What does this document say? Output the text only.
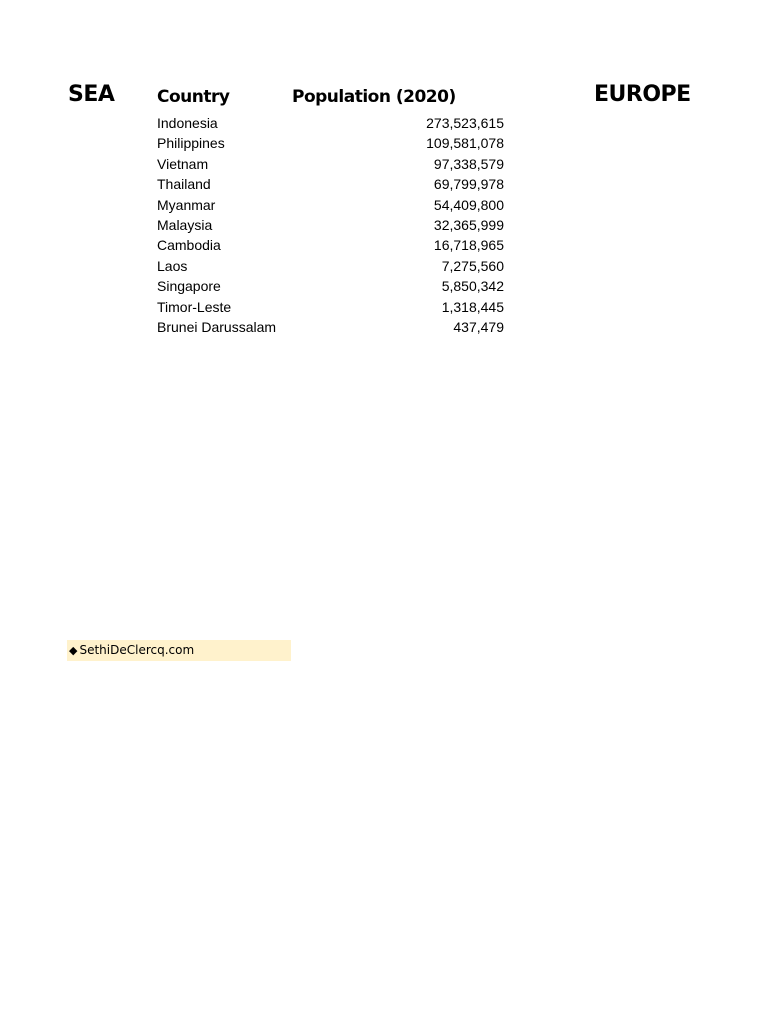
SEA	Country	Population (2020)	EUROPE
Indonesia	273,523,615
Philippines	109,581,078
Vietnam	97,338,579
Thailand	69,799,978
Myanmar	54,409,800
Malaysia	32,365,999
Cambodia	16,718,965
Laos	7,275,560
Singapore	5,850,342
Timor-Leste	1,318,445
Brunei Darussalam	437,479
◆ SethiDeClercq.com
